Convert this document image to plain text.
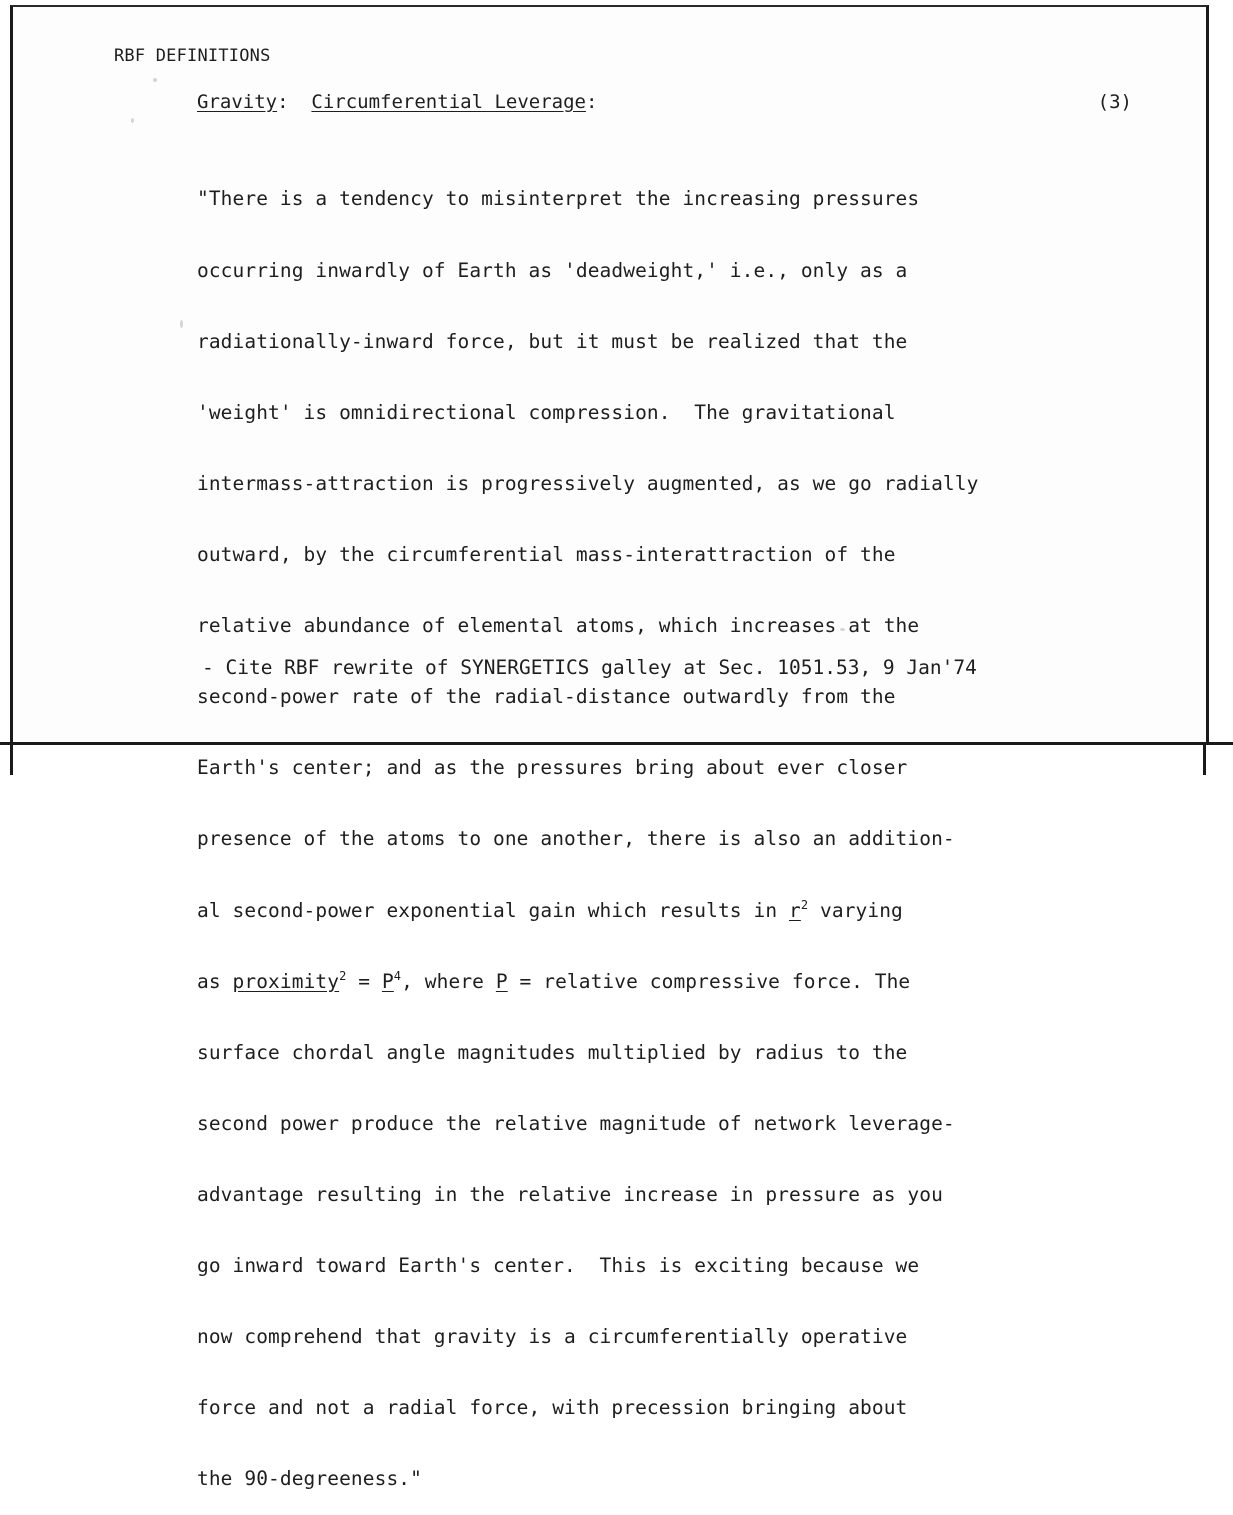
RBF DEFINITIONS
Gravity: Circumferential Leverage:	(3)

"There is a tendency to misinterpret the increasing pressures

occurring inwardly of Earth as 'deadweight,' i.e., only as a

radiationally-inward force, but it must be realized that the

'weight' is omnidirectional compression.  The gravitational

intermass-attraction is progressively augmented, as we go radially

outward, by the circumferential mass-interattraction of the

relative abundance of elemental atoms, which increases at the

second-power rate of the radial-distance outwardly from the

Earth's center; and as the pressures bring about ever closer

presence of the atoms to one another, there is also an addition-

al second-power exponential gain which results in $r^2$ varying

as proximity$^2$ = $P^4$, where P = relative compressive force. The

surface chordal angle magnitudes multiplied by radius to the

second power produce the relative magnitude of network leverage-

advantage resulting in the relative increase in pressure as you

go inward toward Earth's center.  This is exciting because we

now comprehend that gravity is a circumferentially operative

force and not a radial force, with precession bringing about

the 90-degreeness."

- Cite RBF rewrite of SYNERGETICS galley at Sec. 1051.53, 9 Jan'74
